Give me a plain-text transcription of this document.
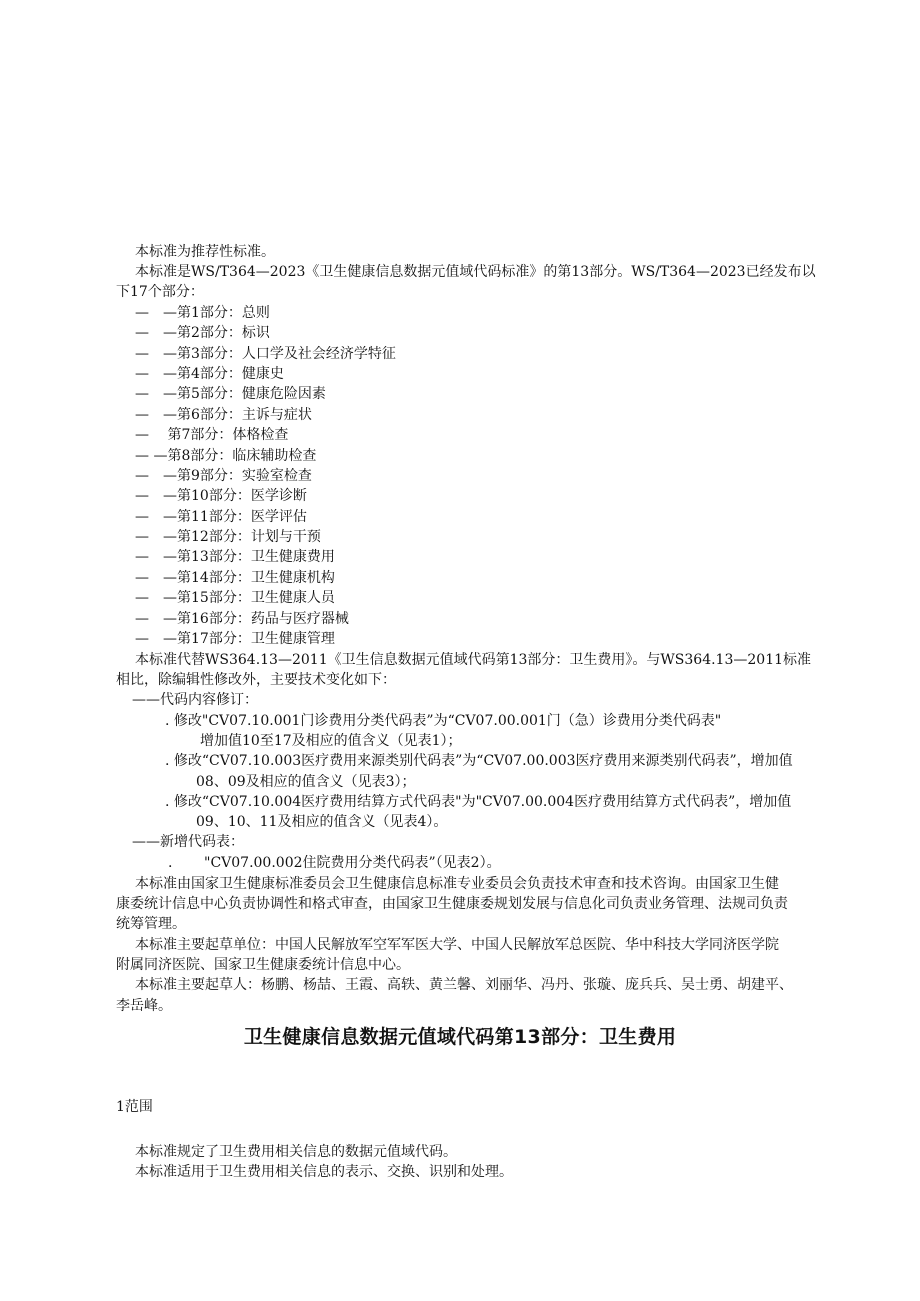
本标准为推荐性标准。
本标准是WS/T364—2023《卫生健康信息数据元值域代码标准》的第13部分。WS/T364—2023已经发布以
下17个部分：
—　—第1部分：总则
—　—第2部分：标识
—　—第3部分：人口学及社会经济学特征
—　—第4部分：健康史
—　—第5部分：健康危险因素
—　—第6部分：主诉与症状
—　 第7部分：体格检查
— —第8部分：临床辅助检查
—　—第9部分：实验室检查
—　—第10部分：医学诊断
—　—第11部分：医学评估
—　—第12部分：计划与干预
—　—第13部分：卫生健康费用
—　—第14部分：卫生健康机构
—　—第15部分：卫生健康人员
—　—第16部分：药品与医疗器械
—　—第17部分：卫生健康管理
本标准代替WS364.13—2011《卫生信息数据元值域代码第13部分：卫生费用》。与WS364.13—2011标准
相比，除编辑性修改外，主要技术变化如下：
——代码内容修订：
. 修改"CV07.10.001门诊费用分类代码表”为“CV07.00.001门（急）诊费用分类代码表"
增加值10至17及相应的值含义（见表1）；
. 修改“CV07.10.003医疗费用来源类别代码表”为“CV07.00.003医疗费用来源类别代码表”，增加值
08、09及相应的值含义（见表3）；
. 修改“CV07.10.004医疗费用结算方式代码表"为"CV07.00.004医疗费用结算方式代码表”，增加值
09、10、11及相应的值含义（见表4）。
——新增代码表：
. "CV07.00.002住院费用分类代码表”（见表2）。
本标准由国家卫生健康标准委员会卫生健康信息标准专业委员会负责技术审查和技术咨询。由国家卫生健
康委统计信息中心负责协调性和格式审查，由国家卫生健康委规划发展与信息化司负责业务管理、法规司负责
统筹管理。
本标准主要起草单位：中国人民解放军空军军医大学、中国人民解放军总医院、华中科技大学同济医学院
附属同济医院、国家卫生健康委统计信息中心。
本标准主要起草人：杨鹏、杨喆、王霞、高轶、黄兰馨、刘丽华、冯丹、张璇、庞兵兵、吴士勇、胡建平、
李岳峰。
卫生健康信息数据元值域代码第13部分：卫生费用
1范围
本标准规定了卫生费用相关信息的数据元值域代码。
本标准适用于卫生费用相关信息的表示、交换、识别和处理。
